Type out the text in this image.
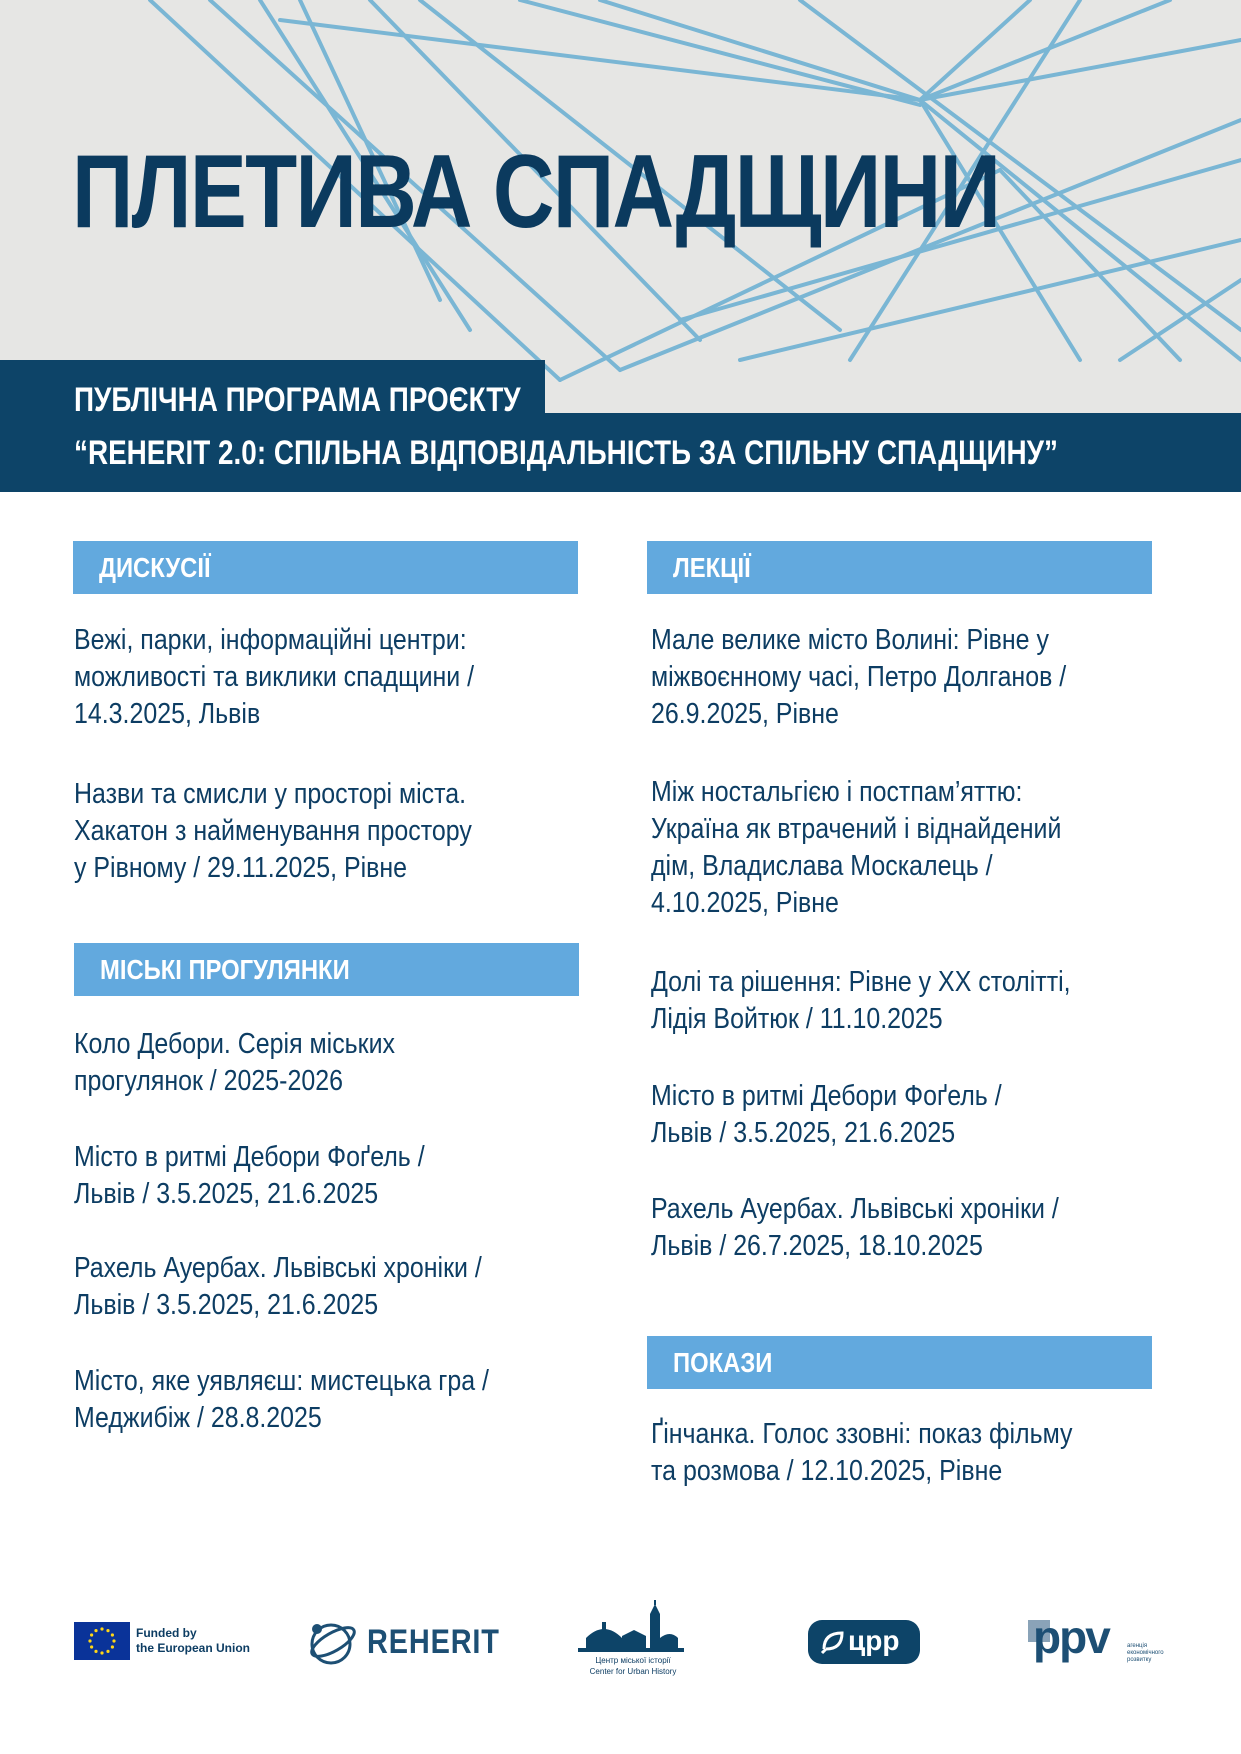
ПЛЕТИВА СПАДЩИНИ
ПУБЛІЧНА ПРОГРАМА ПРОЄКТУ
“REHERIT 2.0: СПІЛЬНА ВІДПОВІДАЛЬНІСТЬ ЗА СПІЛЬНУ СПАДЩИНУ”
ДИСКУСІЇ
Вежі, парки, інформаційні центри:
можливості та виклики спадщини /
14.3.2025, Львів
Назви та смисли у просторі міста.
Хакатон з найменування простору
у Рівному / 29.11.2025, Рівне
МІСЬКІ ПРОГУЛЯНКИ
Коло Дебори. Серія міських
прогулянок / 2025-2026
Місто в ритмі Дебори Фоґель /
Львів / 3.5.2025, 21.6.2025
Рахель Ауербах. Львівські хроніки /
Львів / 3.5.2025, 21.6.2025
Місто, яке уявляєш: мистецька гра /
Меджибіж / 28.8.2025
ЛЕКЦІЇ
Мале велике місто Волині: Рівне у
міжвоєнному часі, Петро Долганов /
26.9.2025, Рівне
Між ностальгією і постпам’яттю:
Україна як втрачений і віднайдений
дім, Владислава Москалець /
4.10.2025, Рівне
Долі та рішення: Рівне у ХХ столітті,
Лідія Войтюк / 11.10.2025
Місто в ритмі Дебори Фоґель /
Львів / 3.5.2025, 21.6.2025
Рахель Ауербах. Львівські хроніки /
Львів / 26.7.2025, 18.10.2025
ПОКАЗИ
Ґінчанка. Голос ззовні: показ фільму
та розмова / 12.10.2025, Рівне
Funded by
the European Union	REHERIT	Центр міської історії
Center for Urban History
цpp	ppv	агенція економічного розвитку
